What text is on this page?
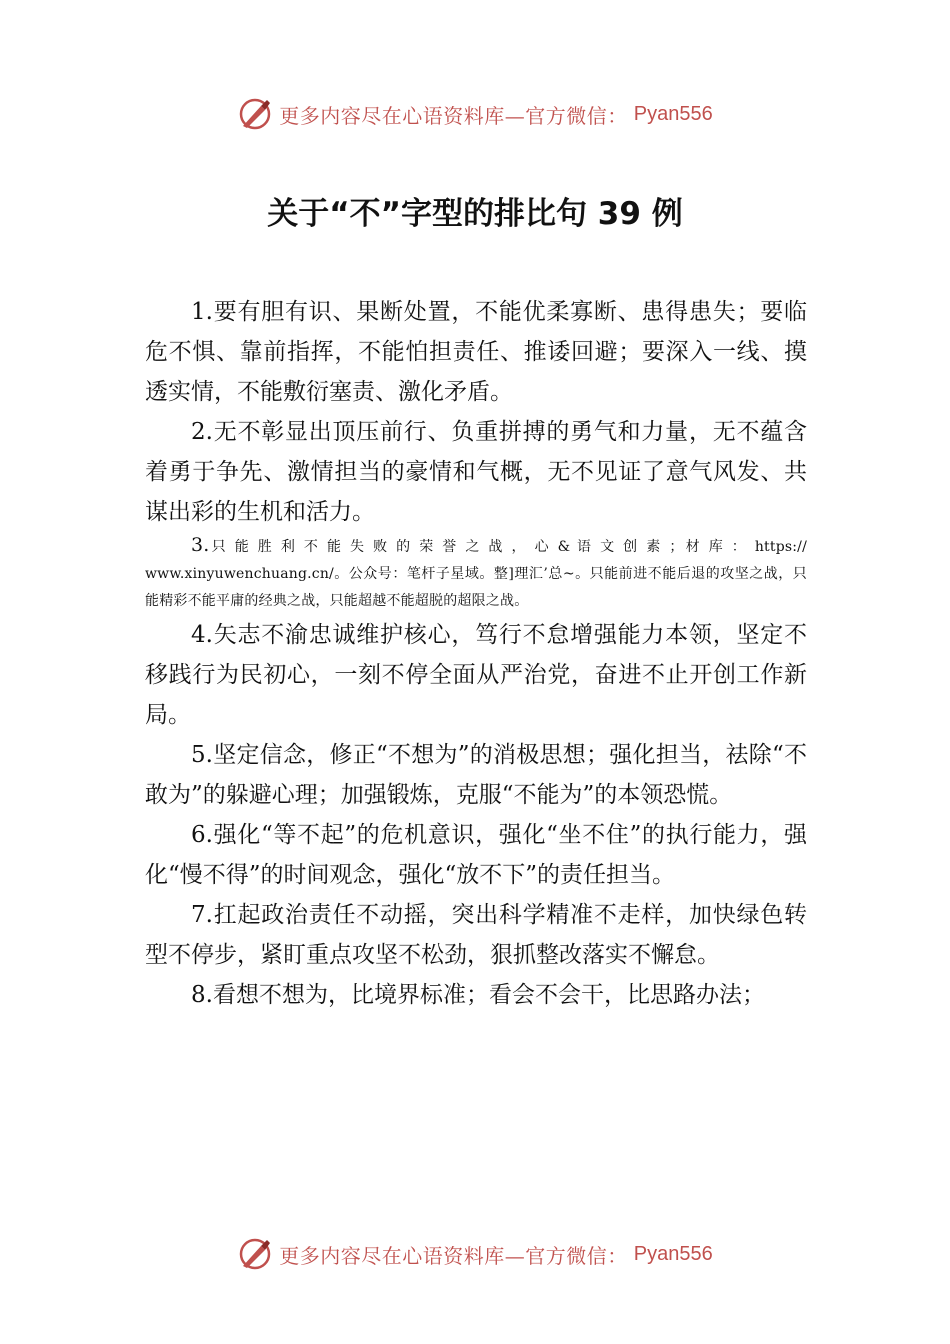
更多内容尽在心语资料库—官方微信： Pyan556
关于“不”字型的排比句 39 例

1.要有胆有识、果断处置，不能优柔寡断、患得患失；要临危不惧、靠前指挥，不能怕担责任、推诿回避；要深入一线、摸透实情，不能敷衍塞责、激化矛盾。

2.无不彰显出顶压前行、负重拼搏的勇气和力量，无不蕴含着勇于争先、激情担当的豪情和气概，无不见证了意气风发、共谋出彩的生机和活力。

3.只 能 胜 利 不 能 失 败 的 荣 誉 之 战 ， 心 & 语 文 创 素 ；材 库 ： https:// www.xinyuwenchuang.cn/。公众号：笔杆子星域。整]理汇’总~。只能前进不能后退的攻坚之战，只能精彩不能平庸的经典之战，只能超越不能超脱的超限之战。

4.矢志不渝忠诚维护核心，笃行不怠增强能力本领，坚定不移践行为民初心，一刻不停全面从严治党，奋进不止开创工作新局。

5.坚定信念，修正“不想为”的消极思想；强化担当，祛除“不敢为”的躲避心理；加强锻炼，克服“不能为”的本领恐慌。

6.强化“等不起”的危机意识，强化“坐不住”的执行能力，强化“慢不得”的时间观念，强化“放不下”的责任担当。

7.扛起政治责任不动摇，突出科学精准不走样，加快绿色转型不停步，紧盯重点攻坚不松劲，狠抓整改落实不懈怠。

8.看想不想为，比境界标准；看会不会干，比思路办法；

更多内容尽在心语资料库—官方微信： Pyan556
